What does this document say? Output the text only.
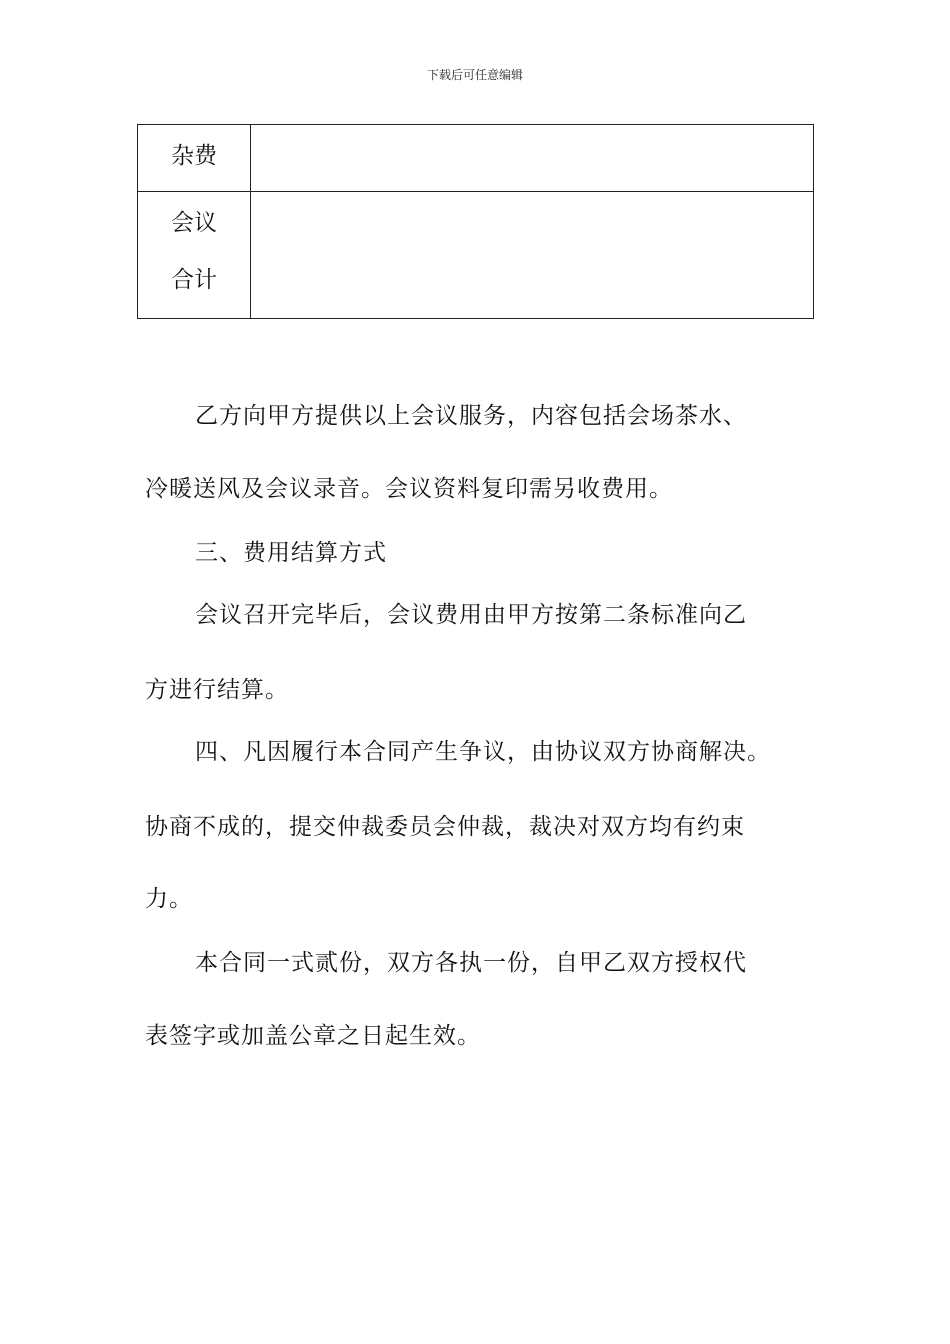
下载后可任意编辑
杂费	

会议
合计	

乙方向甲方提供以上会议服务，内容包括会场茶水、
冷暖送风及会议录音。会议资料复印需另收费用。
三、费用结算方式
会议召开完毕后，会议费用由甲方按第二条标准向乙
方进行结算。
四、凡因履行本合同产生争议，由协议双方协商解决。
协商不成的，提交仲裁委员会仲裁，裁决对双方均有约束
力。
本合同一式贰份，双方各执一份，自甲乙双方授权代
表签字或加盖公章之日起生效。
